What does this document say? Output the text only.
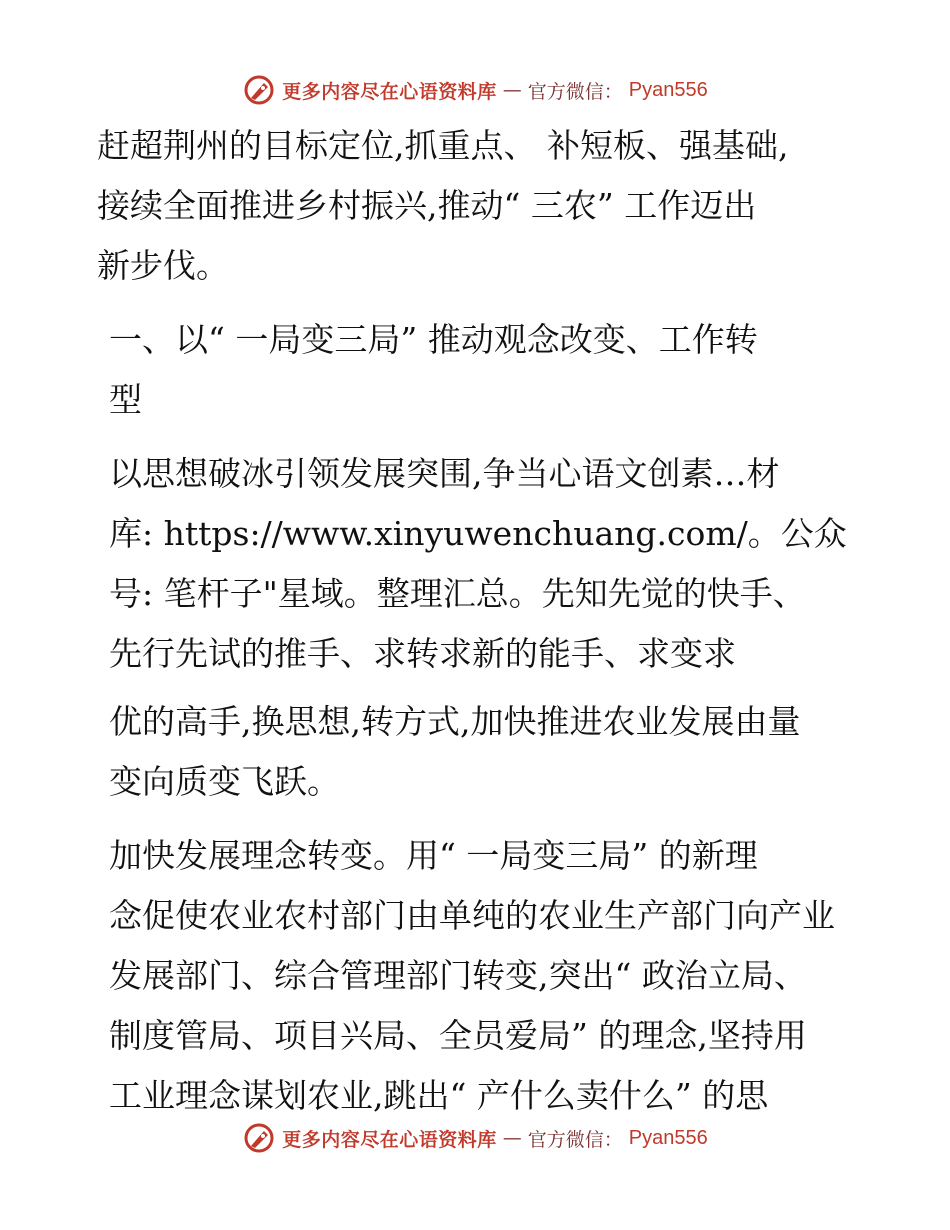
更多内容尽在心语资料库 — 官方微信： Pyan556

赶超荆州的目标定位,抓重点、 补短板、强基础,
接续全面推进乡村振兴,推动“ 三农” 工作迈出
新步伐。

一、以“ 一局变三局” 推动观念改变、工作转
型

以思想破冰引领发展突围,争当心语文创素…材
库: https://www.xinyuwenchuang.com/。公众
号: 笔杆子"星域。整理汇总。先知先觉的快手、
先行先试的推手、求转求新的能手、求变求

优的高手,换思想,转方式,加快推进农业发展由量
变向质变飞跃。

加快发展理念转变。用“ 一局变三局” 的新理
念促使农业农村部门由单纯的农业生产部门向产业
发展部门、综合管理部门转变,突出“ 政治立局、
制度管局、项目兴局、全员爱局” 的理念,坚持用
工业理念谋划农业,跳出“ 产什么卖什么” 的思

更多内容尽在心语资料库 — 官方微信： Pyan556
